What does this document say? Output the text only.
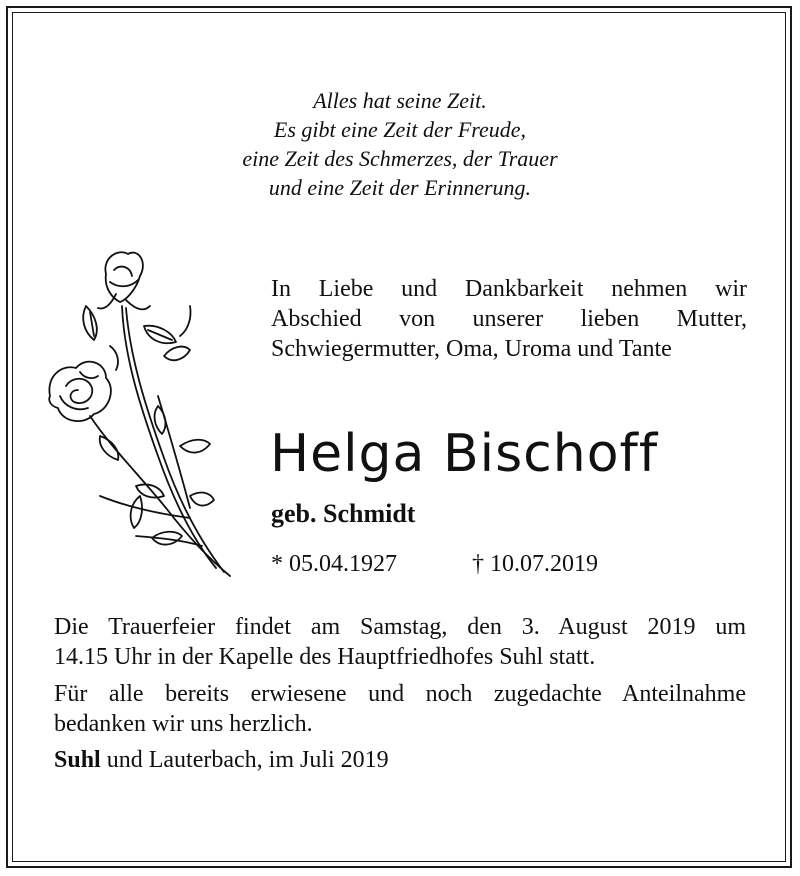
Alles hat seine Zeit.
Es gibt eine Zeit der Freude,
eine Zeit des Schmerzes, der Trauer
und eine Zeit der Erinnerung.
In Liebe und Dankbarkeit nehmen wir
Abschied von unserer lieben Mutter,
Schwiegermutter, Oma, Uroma und Tante
Helga Bischoff
geb. Schmidt
* 05.04.1927	† 10.07.2019
Die Trauerfeier findet am Samstag, den 3. August 2019 um
14.15 Uhr in der Kapelle des Hauptfriedhofes Suhl statt.
Für alle bereits erwiesene und noch zugedachte Anteilnahme
bedanken wir uns herzlich.
Suhl und Lauterbach, im Juli 2019
